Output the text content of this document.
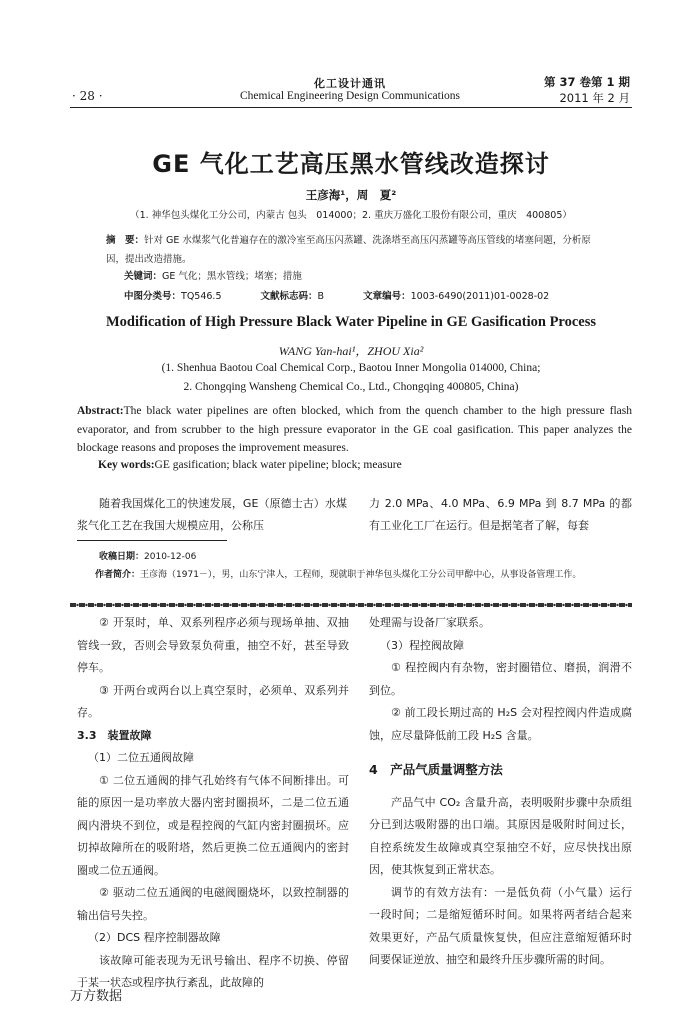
化工设计通讯
Chemical Engineering Design Communications
· 28 ·
第 37 卷第 1 期
2011 年 2 月
GE 气化工艺高压黑水管线改造探讨
王彦海¹，周　夏²
（1. 神华包头煤化工分公司，内蒙古 包头　014000；2. 重庆万盛化工股份有限公司，重庆　400805）
摘　要：针对 GE 水煤浆气化普遍存在的激冷室至高压闪蒸罐、洗涤塔至高压闪蒸罐等高压管线的堵塞问题，分析原因，提出改造措施。
关键词：GE 气化；黑水管线；堵塞；措施
中图分类号：TQ546.5	文献标志码：B	文章编号：1003-6490(2011)01-0028-02
Modification of High Pressure Black Water Pipeline in GE Gasification Process
WANG Yan-hai¹，ZHOU Xia²
(1. Shenhua Baotou Coal Chemical Corp., Baotou Inner Mongolia 014000, China;
2. Chongqing Wansheng Chemical Co., Ltd., Chongqing 400805, China)
Abstract:The black water pipelines are often blocked, which from the quench chamber to the high pressure flash evaporator, and from scrubber to the high pressure evaporator in the GE coal gasification. This paper analyzes the blockage reasons and proposes the improvement measures.
Key words:GE gasification; black water pipeline; block; measure
随着我国煤化工的快速发展，GE（原德士古）水煤浆气化工艺在我国大规模应用，公称压
力 2.0 MPa、4.0 MPa、6.9 MPa 到 8.7 MPa 的都有工业化工厂在运行。但是据笔者了解，每套
收稿日期：2010-12-06
作者简介：王彦海（1971－），男，山东宁津人，工程师，现就职于神华包头煤化工分公司甲醇中心，从事设备管理工作。

② 开泵时，单、双系列程序必须与现场单抽、双抽管线一致，否则会导致泵负荷重，抽空不好，甚至导致停车。

③ 开两台或两台以上真空泵时，必须单、双系列并存。

3.3　装置故障

（1）二位五通阀故障

① 二位五通阀的排气孔始终有气体不间断排出。可能的原因一是功率放大器内密封圈损坏，二是二位五通阀内滑块不到位，或是程控阀的气缸内密封圈损坏。应切掉故障所在的吸附塔，然后更换二位五通阀内的密封圈或二位五通阀。

② 驱动二位五通阀的电磁阀圈烧坏，以致控制器的输出信号失控。

（2）DCS 程序控制器故障

该故障可能表现为无讯号输出、程序不切换、停留于某一状态或程序执行紊乱，此故障的

处理需与设备厂家联系。

（3）程控阀故障

① 程控阀内有杂物，密封圈错位、磨损，润滑不到位。

② 前工段长期过高的 H₂S 会对程控阀内件造成腐蚀，应尽量降低前工段 H₂S 含量。

4　产品气质量调整方法

产品气中 CO₂ 含量升高，表明吸附步骤中杂质组分已到达吸附器的出口端。其原因是吸附时间过长，自控系统发生故障或真空泵抽空不好，应尽快找出原因，使其恢复到正常状态。

调节的有效方法有：一是低负荷（小气量）运行一段时间；二是缩短循环时间。如果将两者结合起来效果更好，产品气质量恢复快，但应注意缩短循环时间要保证逆放、抽空和最终升压步骤所需的时间。

万方数据
